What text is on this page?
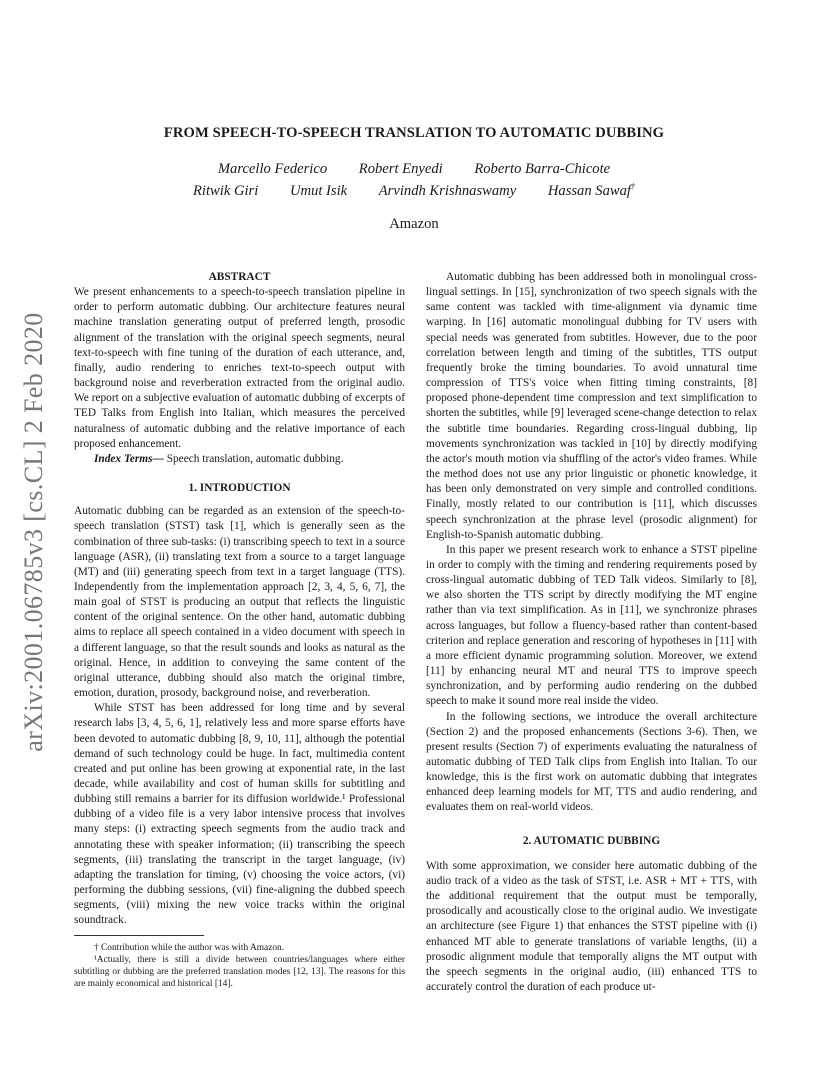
arXiv:2001.06785v3 [cs.CL] 2 Feb 2020
FROM SPEECH-TO-SPEECH TRANSLATION TO AUTOMATIC DUBBING
Marcello Federico Robert Enyedi Roberto Barra-Chicote
Ritwik Giri Umut Isik Arvindh Krishnaswamy Hassan Sawaf†
Amazon

ABSTRACT

We present enhancements to a speech-to-speech translation pipeline in order to perform automatic dubbing. Our architecture features neural machine translation generating output of preferred length, prosodic alignment of the translation with the original speech segments, neural text-to-speech with fine tuning of the duration of each utterance, and, finally, audio rendering to enriches text-to-speech output with background noise and reverberation extracted from the original audio. We report on a subjective evaluation of automatic dubbing of excerpts of TED Talks from English into Italian, which measures the perceived naturalness of automatic dubbing and the relative importance of each proposed enhancement.

Index Terms— Speech translation, automatic dubbing.

1. INTRODUCTION

Automatic dubbing can be regarded as an extension of the speech-to-speech translation (STST) task [1], which is generally seen as the combination of three sub-tasks: (i) transcribing speech to text in a source language (ASR), (ii) translating text from a source to a target language (MT) and (iii) generating speech from text in a target language (TTS). Independently from the implementation approach [2, 3, 4, 5, 6, 7], the main goal of STST is producing an output that reflects the linguistic content of the original sentence. On the other hand, automatic dubbing aims to replace all speech contained in a video document with speech in a different language, so that the result sounds and looks as natural as the original. Hence, in addition to conveying the same content of the original utterance, dubbing should also match the original timbre, emotion, duration, prosody, background noise, and reverberation.

While STST has been addressed for long time and by several research labs [3, 4, 5, 6, 1], relatively less and more sparse efforts have been devoted to automatic dubbing [8, 9, 10, 11], although the potential demand of such technology could be huge. In fact, multimedia content created and put online has been growing at exponential rate, in the last decade, while availability and cost of human skills for subtitling and dubbing still remains a barrier for its diffusion worldwide.¹ Professional dubbing of a video file is a very labor intensive process that involves many steps: (i) extracting speech segments from the audio track and annotating these with speaker information; (ii) transcribing the speech segments, (iii) translating the transcript in the target language, (iv) adapting the translation for timing, (v) choosing the voice actors, (vi) performing the dubbing sessions, (vii) fine-aligning the dubbed speech segments, (viii) mixing the new voice tracks within the original soundtrack.

† Contribution while the author was with Amazon.

¹Actually, there is still a divide between countries/languages where either subtitling or dubbing are the preferred translation modes [12, 13]. The reasons for this are mainly economical and historical [14].

Automatic dubbing has been addressed both in monolingual cross-lingual settings. In [15], synchronization of two speech signals with the same content was tackled with time-alignment via dynamic time warping. In [16] automatic monolingual dubbing for TV users with special needs was generated from subtitles. However, due to the poor correlation between length and timing of the subtitles, TTS output frequently broke the timing boundaries. To avoid unnatural time compression of TTS's voice when fitting timing constraints, [8] proposed phone-dependent time compression and text simplification to shorten the subtitles, while [9] leveraged scene-change detection to relax the subtitle time boundaries. Regarding cross-lingual dubbing, lip movements synchronization was tackled in [10] by directly modifying the actor's mouth motion via shuffling of the actor's video frames. While the method does not use any prior linguistic or phonetic knowledge, it has been only demonstrated on very simple and controlled conditions. Finally, mostly related to our contribution is [11], which discusses speech synchronization at the phrase level (prosodic alignment) for English-to-Spanish automatic dubbing.

In this paper we present research work to enhance a STST pipeline in order to comply with the timing and rendering requirements posed by cross-lingual automatic dubbing of TED Talk videos. Similarly to [8], we also shorten the TTS script by directly modifying the MT engine rather than via text simplification. As in [11], we synchronize phrases across languages, but follow a fluency-based rather than content-based criterion and replace generation and rescoring of hypotheses in [11] with a more efficient dynamic programming solution. Moreover, we extend [11] by enhancing neural MT and neural TTS to improve speech synchronization, and by performing audio rendering on the dubbed speech to make it sound more real inside the video.

In the following sections, we introduce the overall architecture (Section 2) and the proposed enhancements (Sections 3-6). Then, we present results (Section 7) of experiments evaluating the naturalness of automatic dubbing of TED Talk clips from English into Italian. To our knowledge, this is the first work on automatic dubbing that integrates enhanced deep learning models for MT, TTS and audio rendering, and evaluates them on real-world videos.

2. AUTOMATIC DUBBING

With some approximation, we consider here automatic dubbing of the audio track of a video as the task of STST, i.e. ASR + MT + TTS, with the additional requirement that the output must be temporally, prosodically and acoustically close to the original audio. We investigate an architecture (see Figure 1) that enhances the STST pipeline with (i) enhanced MT able to generate translations of variable lengths, (ii) a prosodic alignment module that temporally aligns the MT output with the speech segments in the original audio, (iii) enhanced TTS to accurately control the duration of each produce ut-
